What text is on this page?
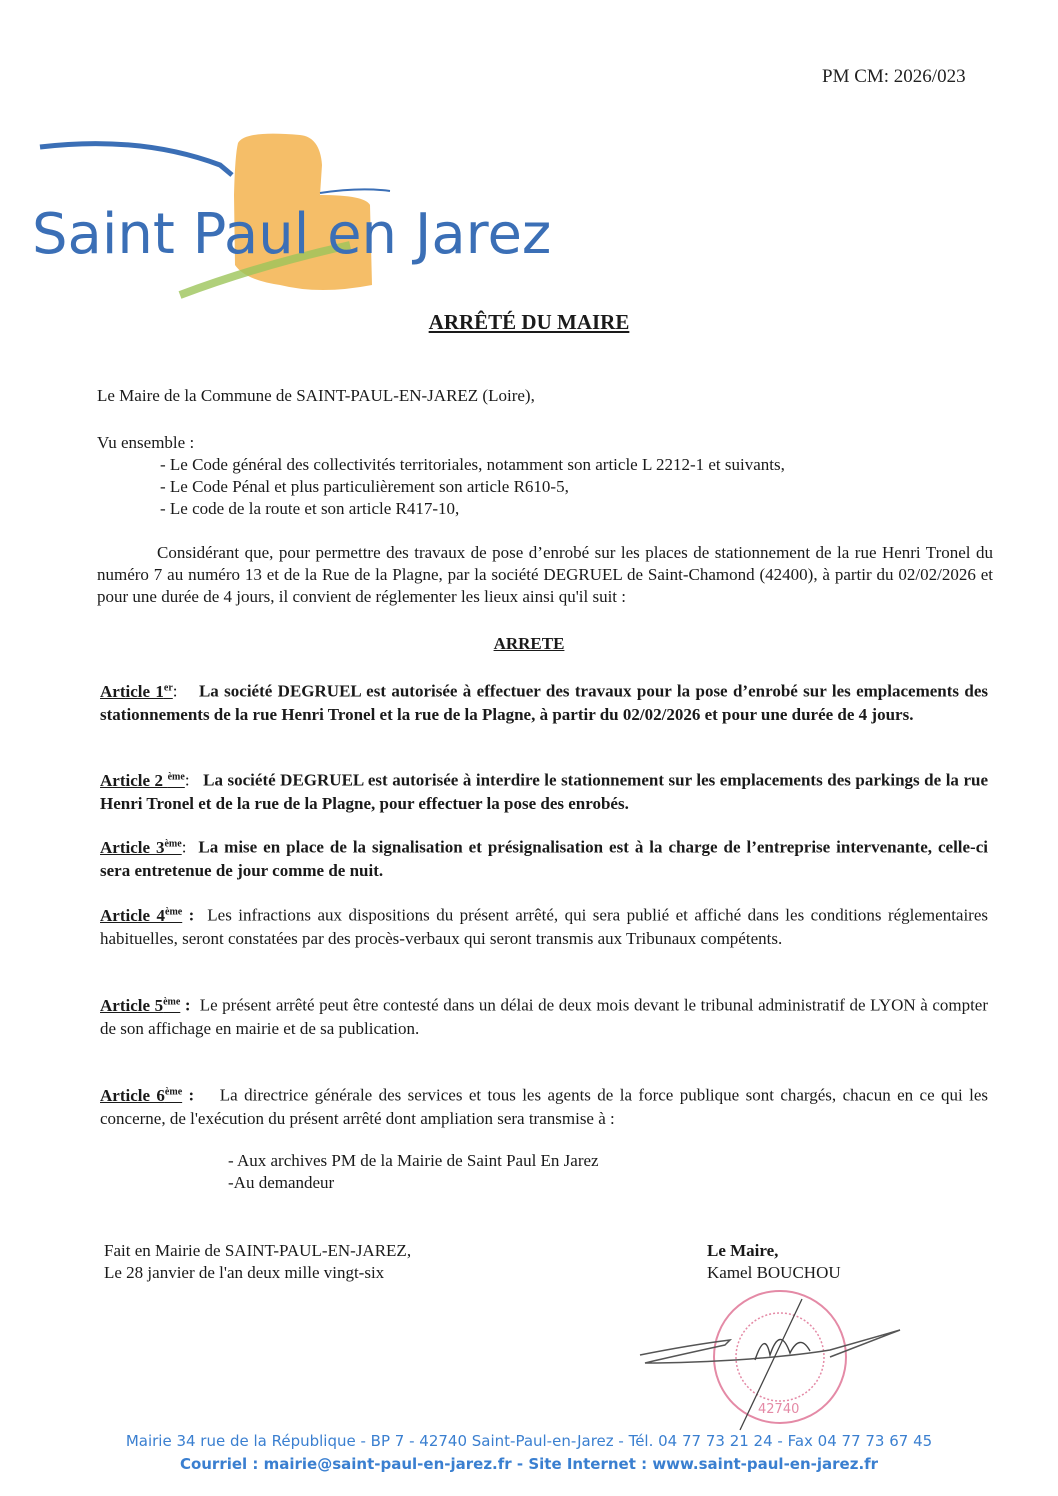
PM CM: 2026/023
Saint Paul en Jarez
ARRÊTÉ DU MAIRE
Le Maire de la Commune de SAINT-PAUL-EN-JAREZ (Loire),
Vu ensemble :
- Le Code général des collectivités territoriales, notamment son article L 2212-1 et suivants,
- Le Code Pénal et plus particulièrement son article R610-5,
- Le code de la route et son article R417-10,
Considérant que, pour permettre des travaux de pose d’enrobé sur les places de stationnement de la rue Henri Tronel du numéro 7 au numéro 13 et de la Rue de la Plagne, par la société DEGRUEL de Saint-Chamond (42400), à partir du 02/02/2026 et pour une durée de 4 jours, il convient de réglementer les lieux ainsi qu'il suit :
ARRETE
Article 1er: La société DEGRUEL est autorisée à effectuer des travaux pour la pose d’enrobé sur les emplacements des stationnements de la rue Henri Tronel et la rue de la Plagne, à partir du 02/02/2026 et pour une durée de 4 jours.
Article 2 $^{ème}$: La société DEGRUEL est autorisée à interdire le stationnement sur les emplacements des parkings de la rue Henri Tronel et de la rue de la Plagne, pour effectuer la pose des enrobés.
Article 3ème: La mise en place de la signalisation et présignalisation est à la charge de l’entreprise intervenante, celle-ci sera entretenue de jour comme de nuit.
Article 4ème : Les infractions aux dispositions du présent arrêté, qui sera publié et affiché dans les conditions réglementaires habituelles, seront constatées par des procès-verbaux qui seront transmis aux Tribunaux compétents.
Article 5ème : Le présent arrêté peut être contesté dans un délai de deux mois devant le tribunal administratif de LYON à compter de son affichage en mairie et de sa publication.
Article 6ème : La directrice générale des services et tous les agents de la force publique sont chargés, chacun en ce qui les concerne, de l'exécution du présent arrêté dont ampliation sera transmise à :
- Aux archives PM de la Mairie de Saint Paul En Jarez
-Au demandeur
Fait en Mairie de SAINT-PAUL-EN-JAREZ,
Le 28 janvier de l'an deux mille vingt-six
Le Maire,
Kamel BOUCHOU
42740
Mairie 34 rue de la République - BP 7 - 42740 Saint-Paul-en-Jarez - Tél. 04 77 73 21 24 - Fax 04 77 73 67 45
Courriel : mairie@saint-paul-en-jarez.fr - Site Internet : www.saint-paul-en-jarez.fr
